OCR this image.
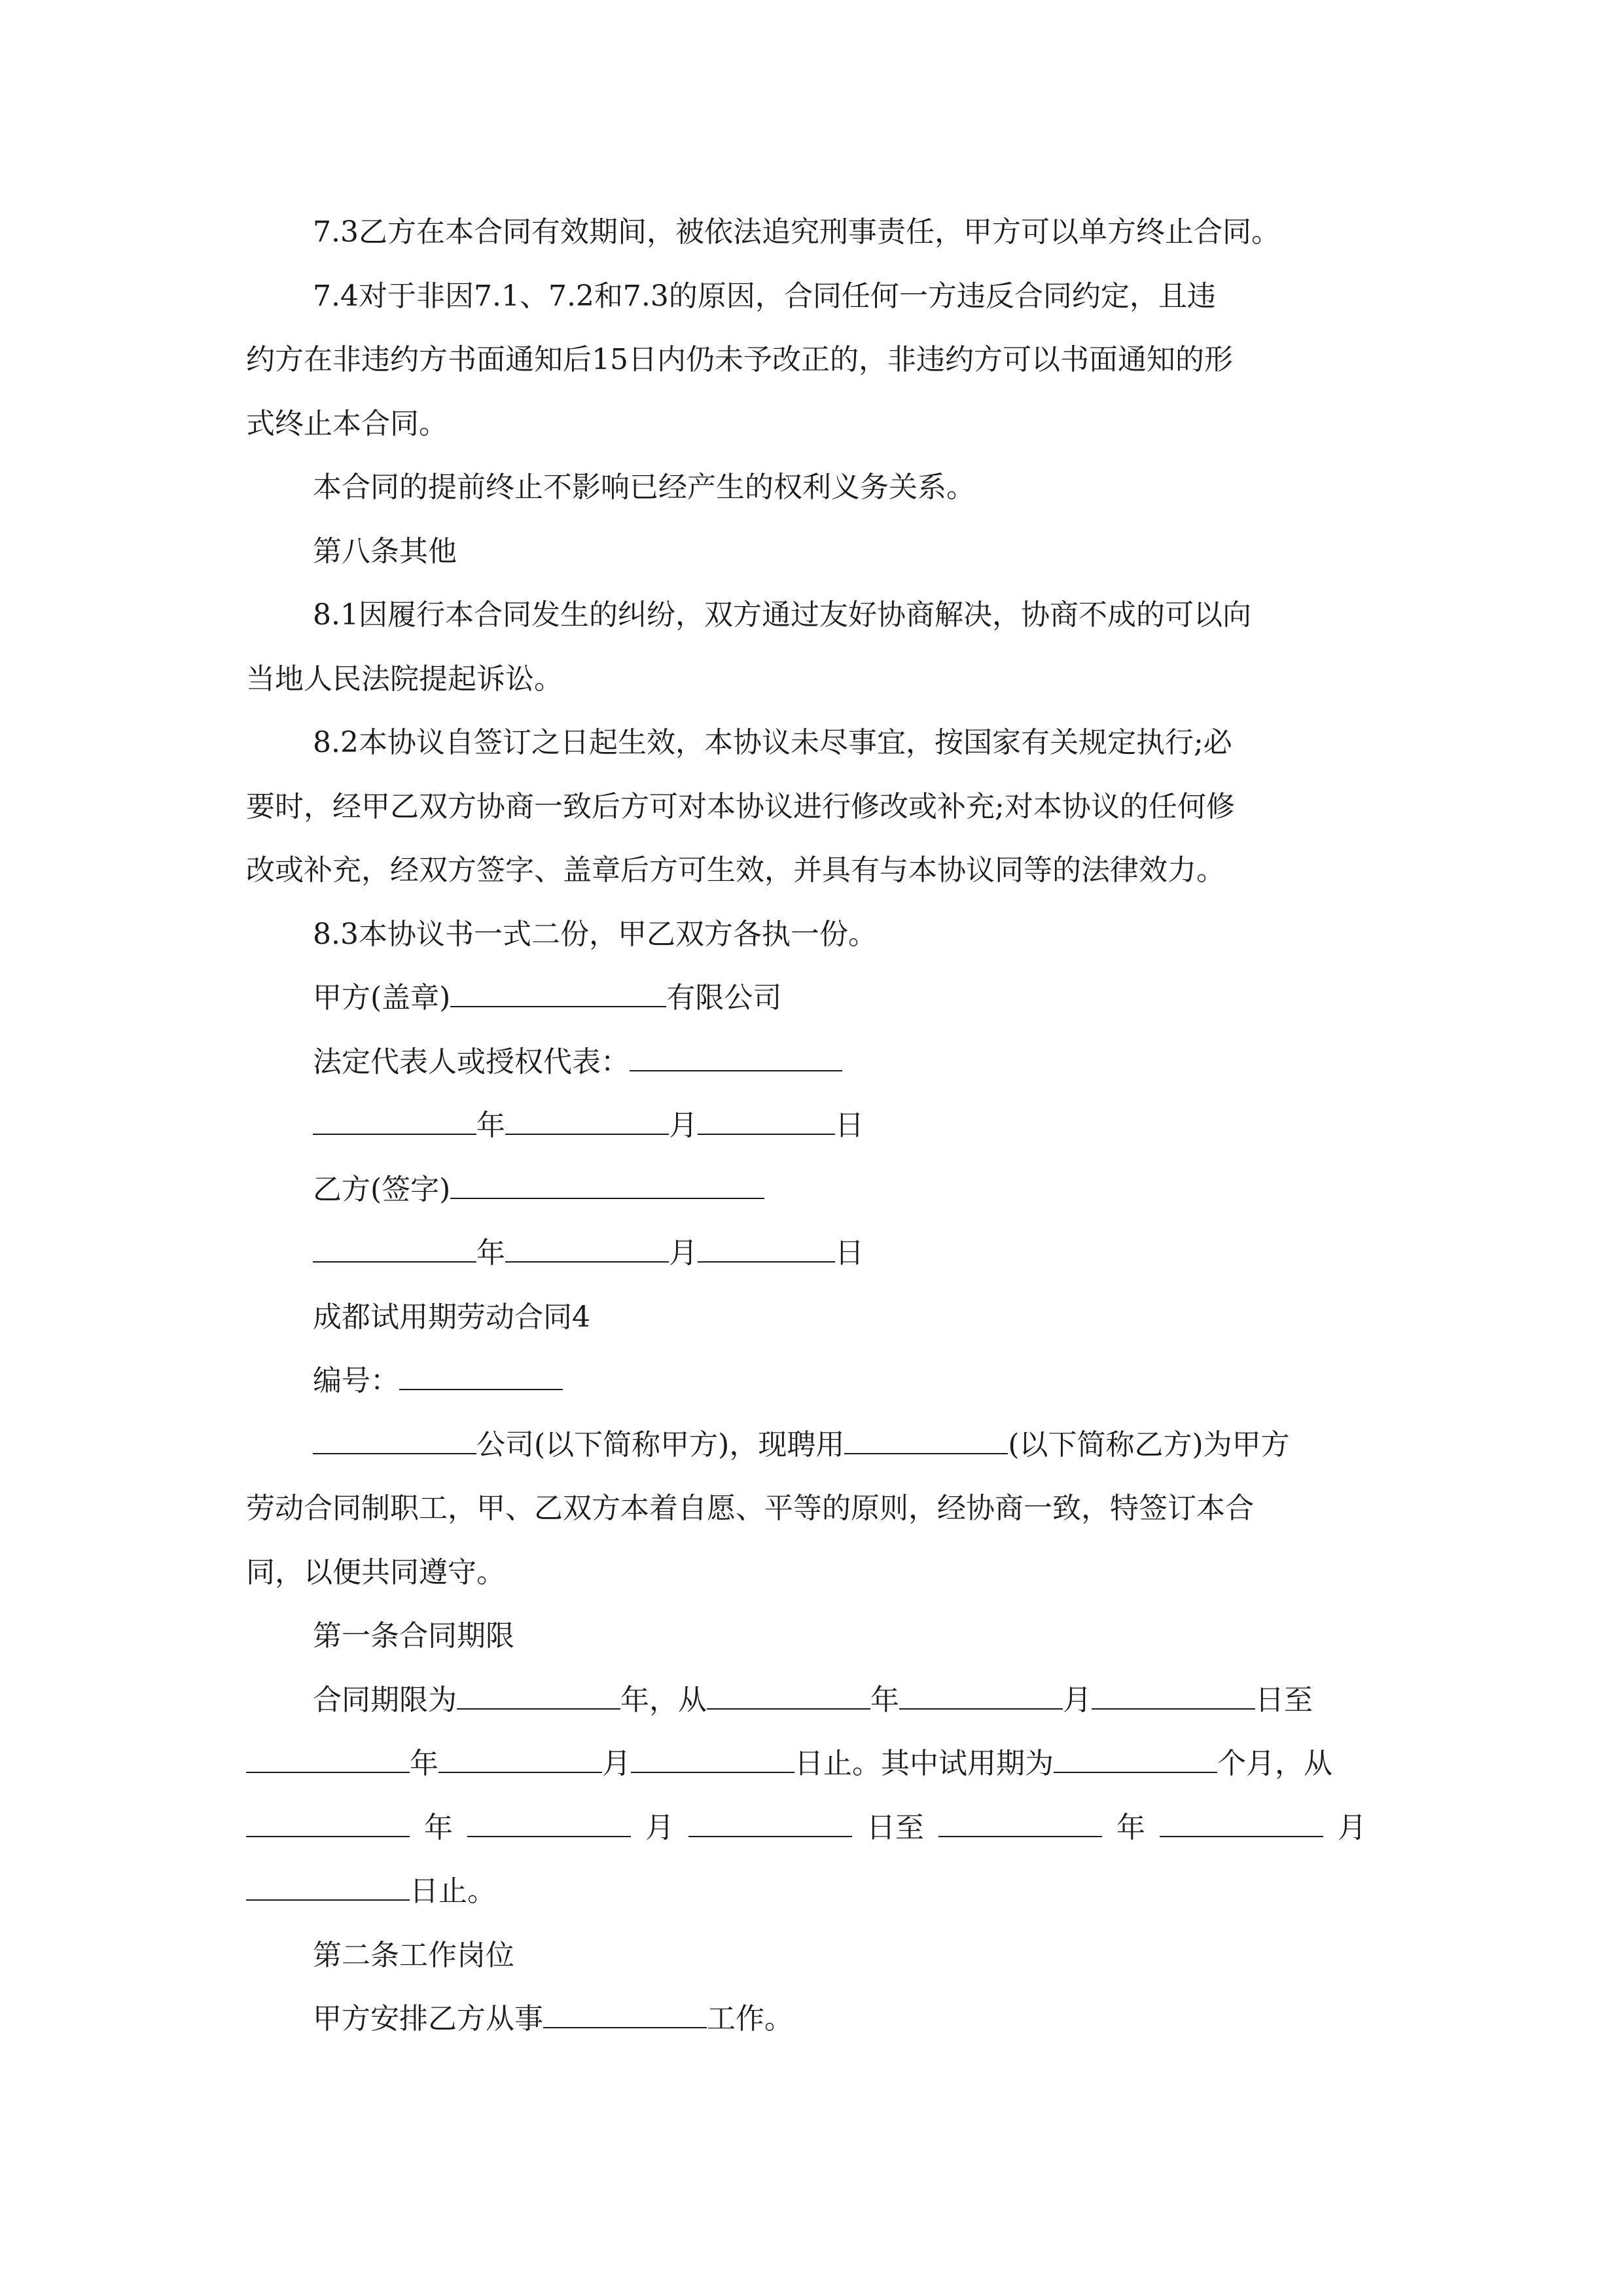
7.3乙方在本合同有效期间，被依法追究刑事责任，甲方可以单方终止合同。

7.4对于非因7.1、7.2和7.3的原因，合同任何一方违反合同约定，且违

约方在非违约方书面通知后15日内仍未予改正的，非违约方可以书面通知的形

式终止本合同。

本合同的提前终止不影响已经产生的权利义务关系。

第八条其他

8.1因履行本合同发生的纠纷，双方通过友好协商解决，协商不成的可以向

当地人民法院提起诉讼。

8.2本协议自签订之日起生效，本协议未尽事宜，按国家有关规定执行;必

要时，经甲乙双方协商一致后方可对本协议进行修改或补充;对本协议的任何修

改或补充，经双方签字、盖章后方可生效，并具有与本协议同等的法律效力。

8.3本协议书一式二份，甲乙双方各执一份。

甲方(盖章)	有限公司

法定代表人或授权代表：

年	月	日

乙方(签字)

年	月	日

成都试用期劳动合同4

编号：

公司(以下简称甲方)，现聘用	(以下简称乙方)为甲方

劳动合同制职工，甲、乙双方本着自愿、平等的原则，经协商一致，特签订本合

同，以便共同遵守。

第一条合同期限

合同期限为	年，从	年	月	日至

年	月	日止。其中试用期为	个月，从

年	月	日至	年	月

日止。

第二条工作岗位

甲方安排乙方从事	工作。
